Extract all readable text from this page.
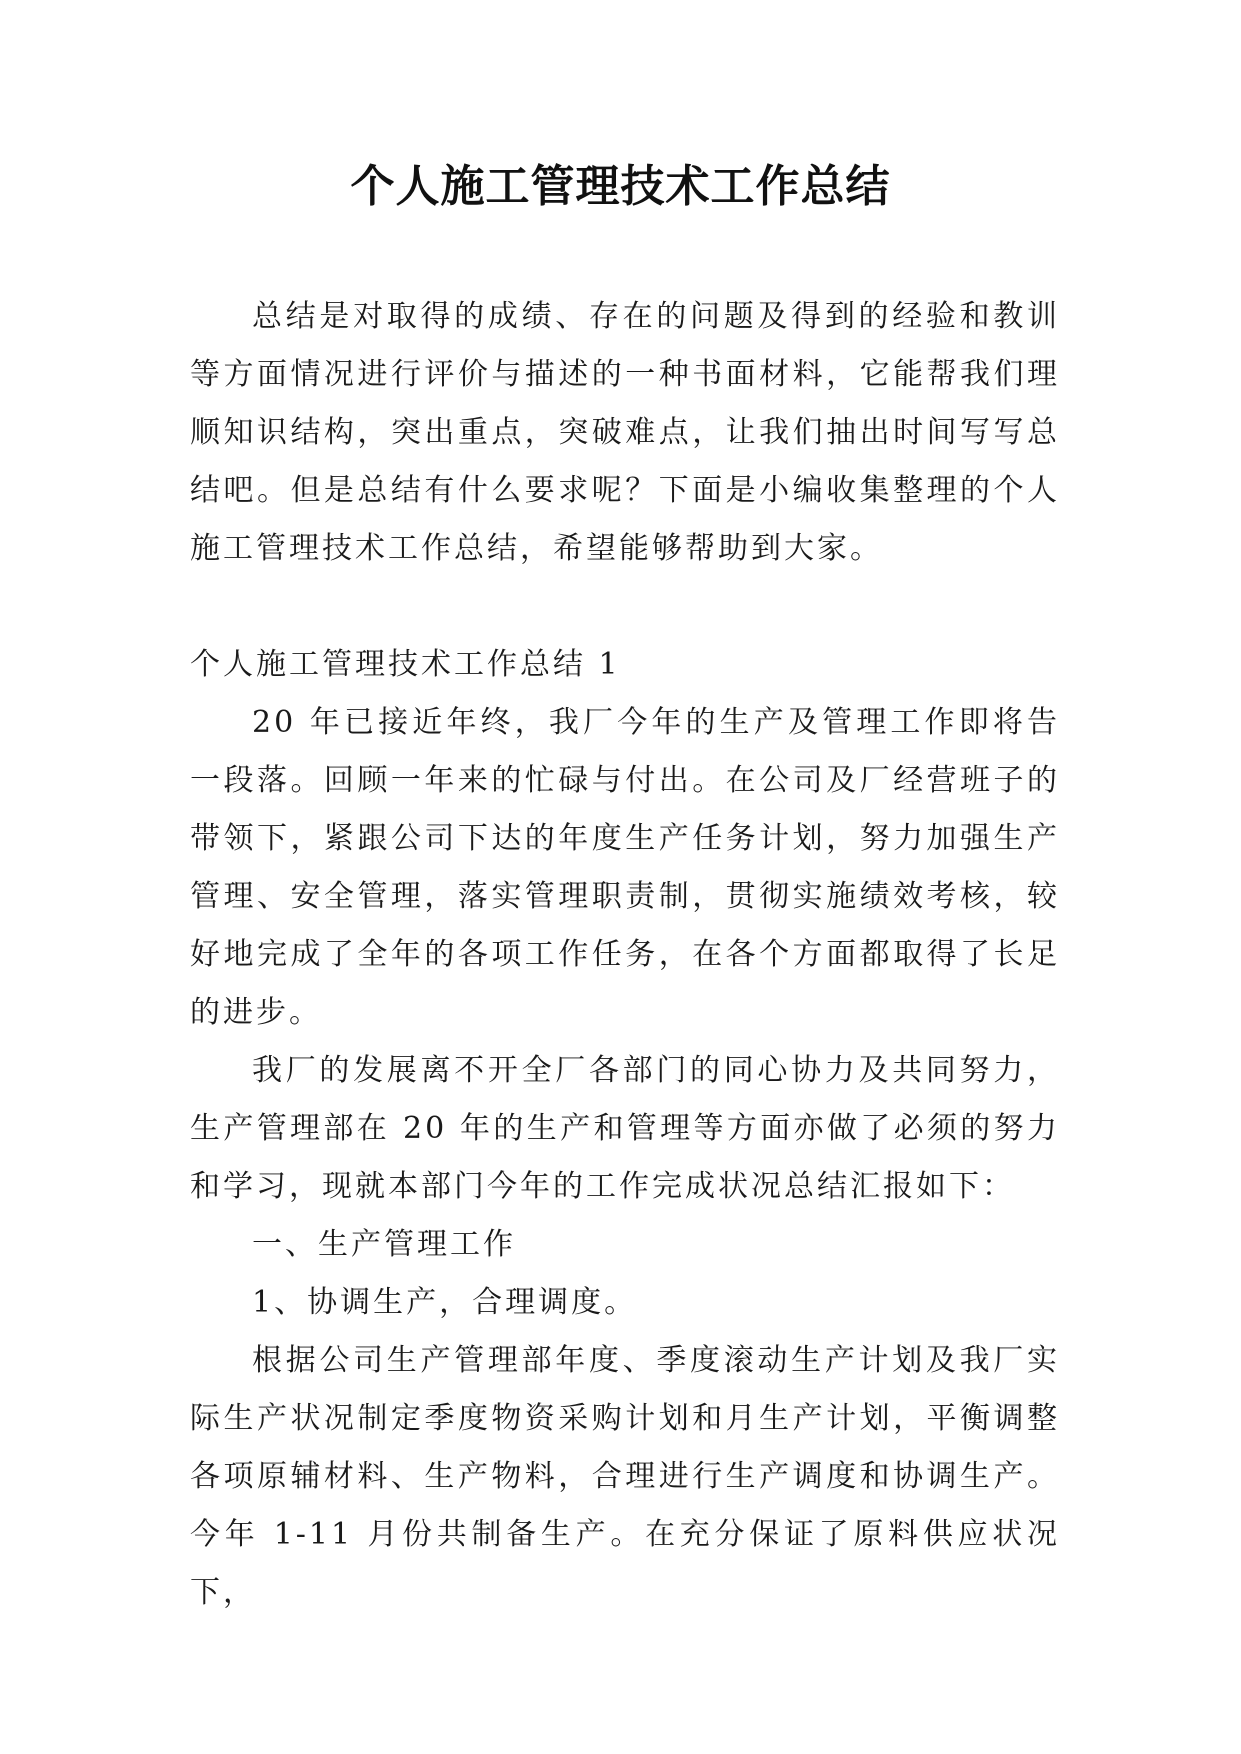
个人施工管理技术工作总结

总结是对取得的成绩、存在的问题及得到的经验和教训等方面情况进行评价与描述的一种书面材料，它能帮我们理顺知识结构，突出重点，突破难点，让我们抽出时间写写总结吧。但是总结有什么要求呢？下面是小编收集整理的个人施工管理技术工作总结，希望能够帮助到大家。

个人施工管理技术工作总结 1

20 年已接近年终，我厂今年的生产及管理工作即将告一段落。回顾一年来的忙碌与付出。在公司及厂经营班子的带领下，紧跟公司下达的年度生产任务计划，努力加强生产管理、安全管理，落实管理职责制，贯彻实施绩效考核，较好地完成了全年的各项工作任务，在各个方面都取得了长足的进步。

我厂的发展离不开全厂各部门的同心协力及共同努力，生产管理部在 20 年的生产和管理等方面亦做了必须的努力和学习，现就本部门今年的工作完成状况总结汇报如下：

一、生产管理工作

1、协调生产，合理调度。

根据公司生产管理部年度、季度滚动生产计划及我厂实际生产状况制定季度物资采购计划和月生产计划，平衡调整各项原辅材料、生产物料，合理进行生产调度和协调生产。今年 1-11 月份共制备生产。在充分保证了原料供应状况下，
